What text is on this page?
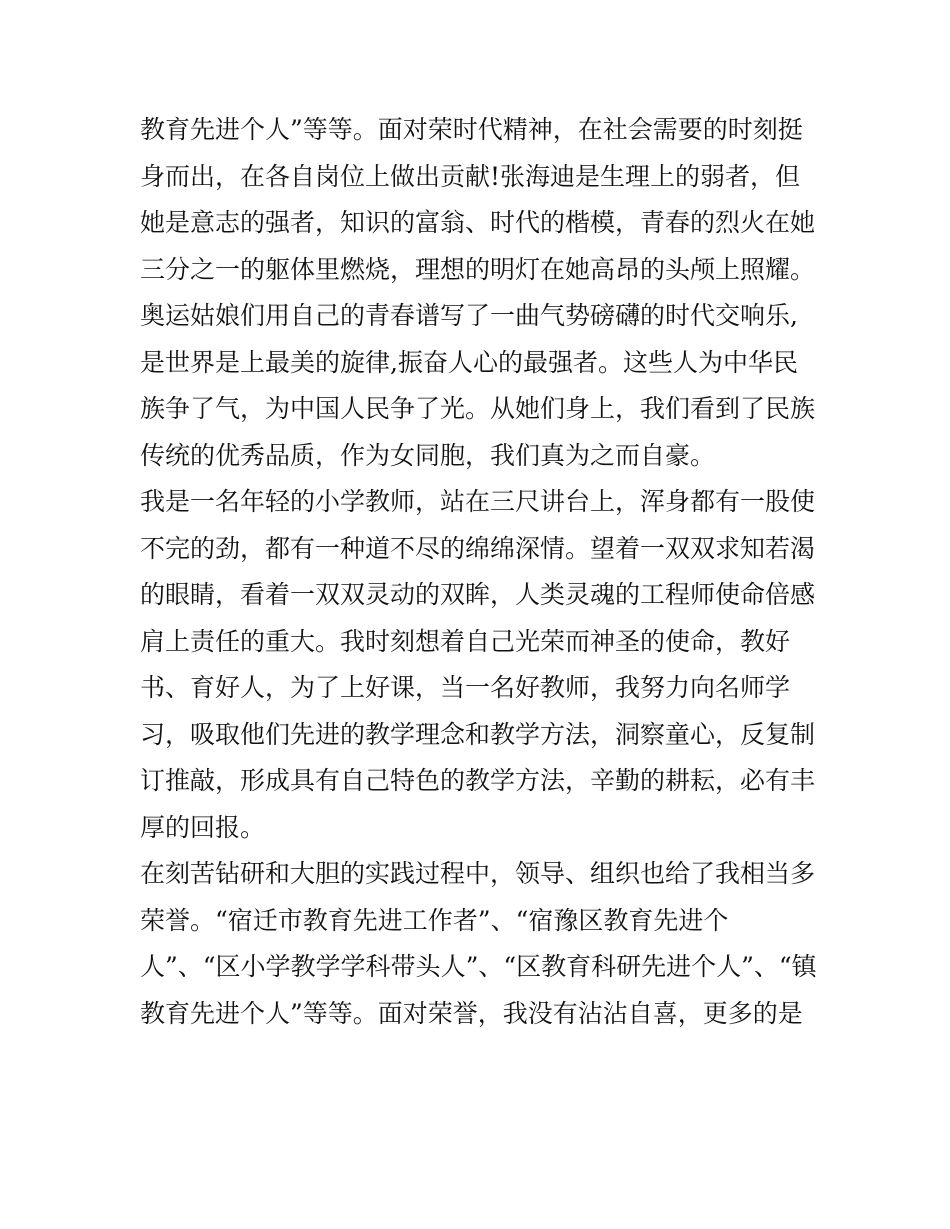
教育先进个人”等等。面对荣时代精神，在社会需要的时刻挺
身而出，在各自岗位上做出贡献!张海迪是生理上的弱者，但
她是意志的强者，知识的富翁、时代的楷模，青春的烈火在她
三分之一的躯体里燃烧，理想的明灯在她高昂的头颅上照耀。
奥运姑娘们用自己的青春谱写了一曲气势磅礴的时代交响乐,
是世界是上最美的旋律,振奋人心的最强者。这些人为中华民
族争了气，为中国人民争了光。从她们身上，我们看到了民族
传统的优秀品质，作为女同胞，我们真为之而自豪。
我是一名年轻的小学教师，站在三尺讲台上，浑身都有一股使
不完的劲，都有一种道不尽的绵绵深情。望着一双双求知若渴
的眼睛，看着一双双灵动的双眸，人类灵魂的工程师使命倍感
肩上责任的重大。我时刻想着自己光荣而神圣的使命，教好
书、育好人，为了上好课，当一名好教师，我努力向名师学
习，吸取他们先进的教学理念和教学方法，洞察童心，反复制
订推敲，形成具有自己特色的教学方法，辛勤的耕耘，必有丰
厚的回报。
在刻苦钻研和大胆的实践过程中，领导、组织也给了我相当多
荣誉。“宿迁市教育先进工作者”、“宿豫区教育先进个
人”、“区小学教学学科带头人”、“区教育科研先进个人”、“镇
教育先进个人”等等。面对荣誉，我没有沾沾自喜，更多的是
